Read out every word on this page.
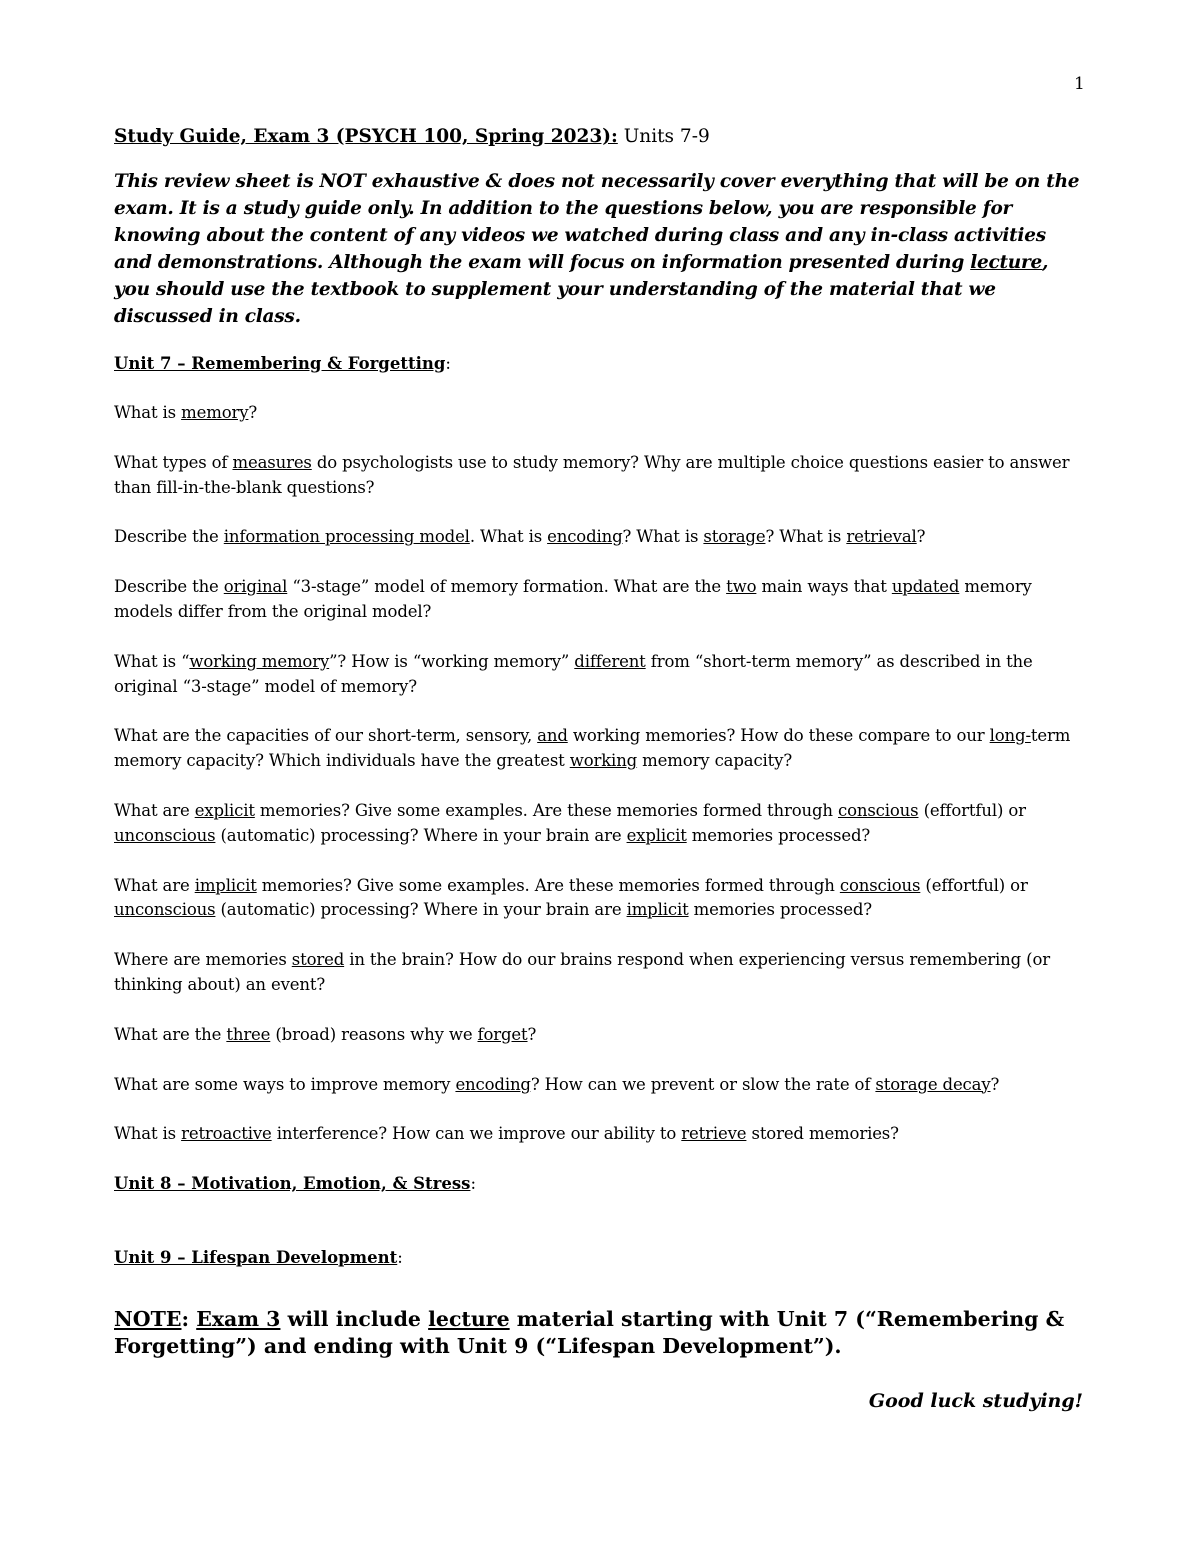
1

Study Guide, Exam 3 (PSYCH 100, Spring 2023): Units 7-9

This review sheet is NOT exhaustive & does not necessarily cover everything that will be on the exam. It is a study guide only. In addition to the questions below, you are responsible for knowing about the content of any videos we watched during class and any in-class activities and demonstrations. Although the exam will focus on information presented during lecture, you should use the textbook to supplement your understanding of the material that we discussed in class.

Unit 7 – Remembering & Forgetting:

What is memory?

What types of measures do psychologists use to study memory? Why are multiple choice questions easier to answer than fill-in-the-blank questions?

Describe the information processing model. What is encoding? What is storage? What is retrieval?

Describe the original “3-stage” model of memory formation. What are the two main ways that updated memory models differ from the original model?

What is “working memory”? How is “working memory” different from “short-term memory” as described in the original “3-stage” model of memory?

What are the capacities of our short-term, sensory, and working memories? How do these compare to our long-term memory capacity? Which individuals have the greatest working memory capacity?

What are explicit memories? Give some examples. Are these memories formed through conscious (effortful) or unconscious (automatic) processing? Where in your brain are explicit memories processed?

What are implicit memories? Give some examples. Are these memories formed through conscious (effortful) or unconscious (automatic) processing? Where in your brain are implicit memories processed?

Where are memories stored in the brain? How do our brains respond when experiencing versus remembering (or thinking about) an event?

What are the three (broad) reasons why we forget?

What are some ways to improve memory encoding? How can we prevent or slow the rate of storage decay?

What is retroactive interference? How can we improve our ability to retrieve stored memories?

Unit 8 – Motivation, Emotion, & Stress:

Unit 9 – Lifespan Development:

NOTE: Exam 3 will include lecture material starting with Unit 7 (“Remembering & Forgetting”) and ending with Unit 9 (“Lifespan Development”).

Good luck studying!
